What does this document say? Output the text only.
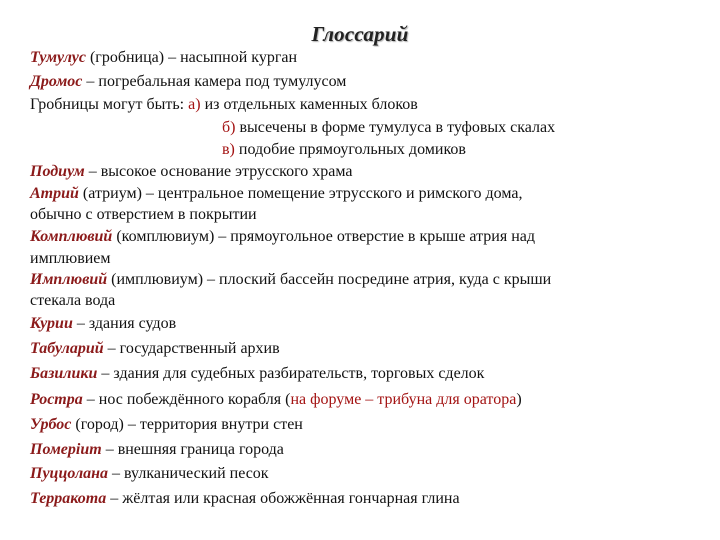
Глоссарий
Тумулус (гробница) – насыпной курган
Дромос – погребальная камера под тумулусом
Гробницы могут быть: а) из отдельных каменных блоков
б) высечены в форме тумулуса в туфовых скалах
в) подобие прямоугольных домиков
Подиум – высокое основание этрусского храма
Атрий (атриум) – центральное помещение этрусского и римского дома,
обычно с отверстием в покрытии
Комплювий (комплювиум) – прямоугольное отверстие в крыше атрия над
имплювием
Имплювий (имплювиум) – плоский бассейн посредине атрия, куда с крыши
стекала вода
Курии – здания судов
Табуларий – государственный архив
Базилики – здания для судебных разбирательств, торговых сделок
Рострa – нос побеждённого корабля (на форуме – трибуна для оратора)
Урбос (город) – территория внутри стен
Померium – внешняя граница города
Пуццолана – вулканический песок
Терракота – жёлтая или красная обожжённая гончарная глина
